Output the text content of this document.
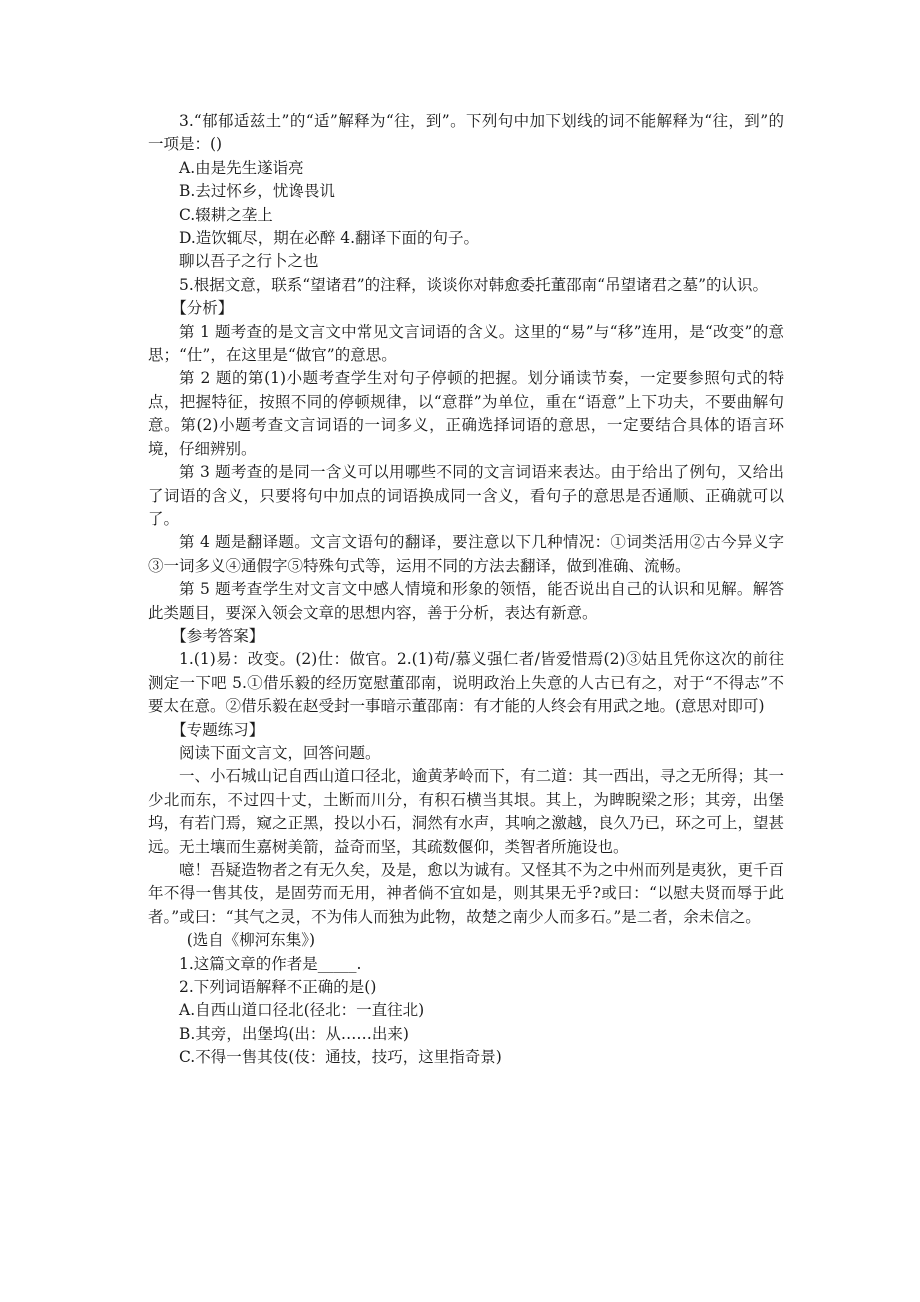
3.“郁郁适兹土”的“适”解释为“往，到”。下列句中加下划线的词不能解释为“往，到”的一项是：()

A.由是先生遂诣亮

B.去过怀乡，忧谗畏讥

C.辍耕之垄上

D.造饮辄尽，期在必醉 4.翻译下面的句子。

聊以吾子之行卜之也

5.根据文意，联系“望诸君”的注释，谈谈你对韩愈委托董邵南“吊望诸君之墓”的认识。

【分析】

第 1 题考查的是文言文中常见文言词语的含义。这里的“易”与“移”连用，是“改变”的意思；“仕”，在这里是“做官”的意思。

第 2 题的第(1)小题考查学生对句子停顿的把握。划分诵读节奏，一定要参照句式的特点，把握特征，按照不同的停顿规律，以“意群”为单位，重在“语意”上下功夫，不要曲解句意。第(2)小题考查文言词语的一词多义，正确选择词语的意思，一定要结合具体的语言环境，仔细辨别。

第 3 题考查的是同一含义可以用哪些不同的文言词语来表达。由于给出了例句，又给出了词语的含义，只要将句中加点的词语换成同一含义，看句子的意思是否通顺、正确就可以了。

第 4 题是翻译题。文言文语句的翻译，要注意以下几种情况：①词类活用②古今异义字③一词多义④通假字⑤特殊句式等，运用不同的方法去翻译，做到准确、流畅。

第 5 题考查学生对文言文中感人情境和形象的领悟，能否说出自己的认识和见解。解答此类题目，要深入领会文章的思想内容，善于分析，表达有新意。

【参考答案】

1.(1)易：改变。(2)仕：做官。2.(1)苟/慕义强仁者/皆爱惜焉(2)③姑且凭你这次的前往测定一下吧 5.①借乐毅的经历宽慰董邵南，说明政治上失意的人古已有之，对于“不得志”不要太在意。②借乐毅在赵受封一事暗示董邵南：有才能的人终会有用武之地。(意思对即可)

【专题练习】

阅读下面文言文，回答问题。

一、小石城山记自西山道口径北，逾黄茅岭而下，有二道：其一西出，寻之无所得；其一少北而东，不过四十丈，土断而川分，有积石横当其垠。其上，为睥睨梁之形；其旁，出堡坞，有若门焉，窥之正黑，投以小石，洞然有水声，其响之激越，良久乃已，环之可上，望甚远。无土壤而生嘉树美箭，益奇而坚，其疏数偃仰，类智者所施设也。

噫！吾疑造物者之有无久矣，及是，愈以为诚有。又怪其不为之中州而列是夷狄，更千百年不得一售其伎，是固劳而无用，神者倘不宜如是，则其果无乎?或曰：“以慰夫贤而辱于此者。”或曰：“其气之灵，不为伟人而独为此物，故楚之南少人而多石。”是二者，余未信之。

(选自《柳河东集》)

1.这篇文章的作者是_____.

2.下列词语解释不正确的是()

A.自西山道口径北(径北：一直往北)

B.其旁，出堡坞(出：从……出来)

C.不得一售其伎(伎：通技，技巧，这里指奇景)
